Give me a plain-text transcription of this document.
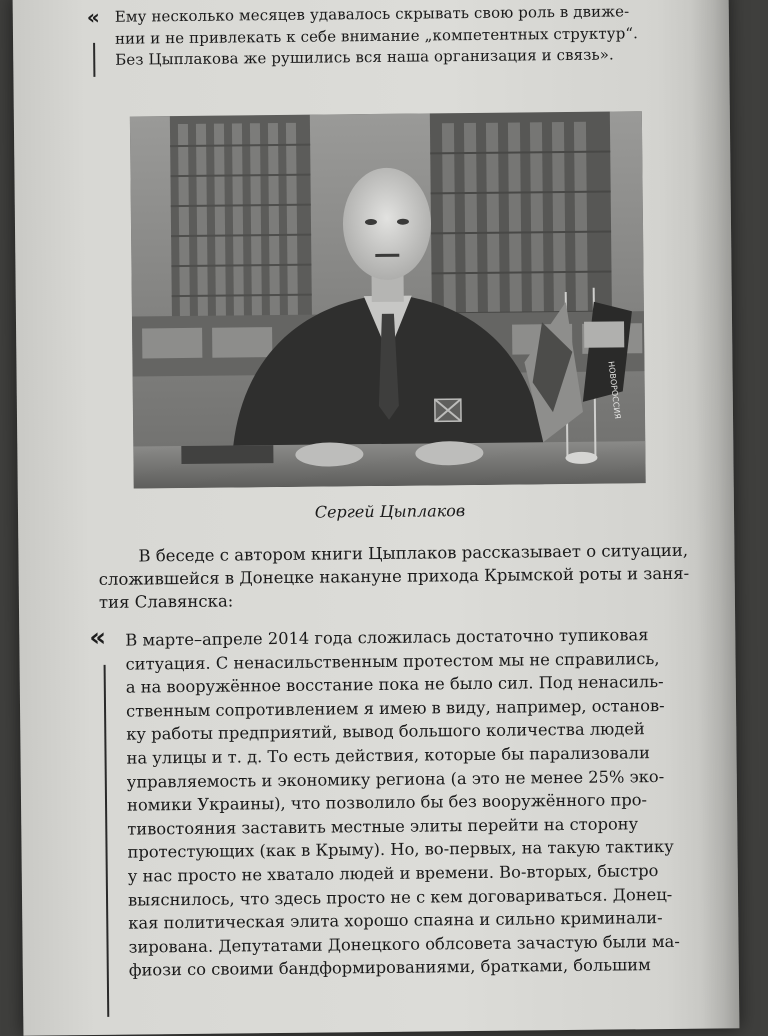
« Ему несколько месяцев удавалось скрывать свою роль в движе-
нии и не привлекать к себе внимание „компетентных структур“.
Без Цыплакова же рушились вся наша организация и связь».
НОВОРОССИЯ
Сергей Цыплаков
В беседе с автором книги Цыплаков рассказывает о ситуации,
сложившейся в Донецке накануне прихода Крымской роты и заня-
тия Славянска:
« В марте–апреле 2014 года сложилась достаточно тупиковая
ситуация. С ненасильственным протестом мы не справились,
а на вооружённое восстание пока не было сил. Под ненасиль-
ственным сопротивлением я имею в виду, например, останов-
ку работы предприятий, вывод большого количества людей
на улицы и т. д. То есть действия, которые бы парализовали
управляемость и экономику региона (а это не менее 25% эко-
номики Украины), что позволило бы без вооружённого про-
тивостояния заставить местные элиты перейти на сторону
протестующих (как в Крыму). Но, во-первых, на такую тактику
у нас просто не хватало людей и времени. Во-вторых, быстро
выяснилось, что здесь просто не с кем договариваться. Донец-
кая политическая элита хорошо спаяна и сильно криминали-
зирована. Депутатами Донецкого облсовета зачастую были ма-
фиози со своими бандформированиями, братками, большим
